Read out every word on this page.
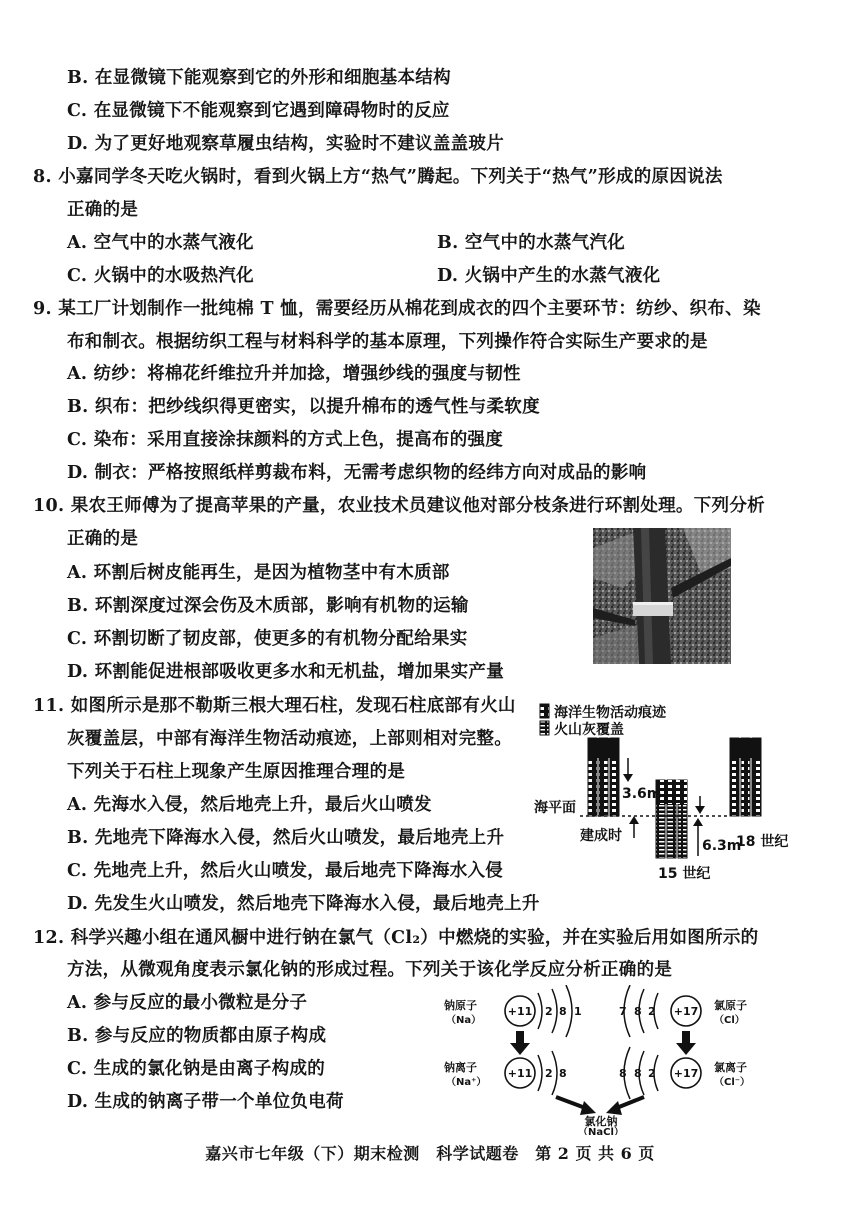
B. 在显微镜下能观察到它的外形和细胞基本结构
C. 在显微镜下不能观察到它遇到障碍物时的反应
D. 为了更好地观察草履虫结构，实验时不建议盖盖玻片
8. 小嘉同学冬天吃火锅时，看到火锅上方“热气”腾起。下列关于“热气”形成的原因说法
正确的是
A. 空气中的水蒸气液化	B. 空气中的水蒸气汽化
C. 火锅中的水吸热汽化	D. 火锅中产生的水蒸气液化
9. 某工厂计划制作一批纯棉 T 恤，需要经历从棉花到成衣的四个主要环节：纺纱、织布、染
布和制衣。根据纺织工程与材料科学的基本原理，下列操作符合实际生产要求的是
A. 纺纱：将棉花纤维拉升并加捻，增强纱线的强度与韧性
B. 织布：把纱线织得更密实，以提升棉布的透气性与柔软度
C. 染布：采用直接涂抹颜料的方式上色，提高布的强度
D. 制衣：严格按照纸样剪裁布料，无需考虑织物的经纬方向对成品的影响
10. 果农王师傅为了提高苹果的产量，农业技术员建议他对部分枝条进行环割处理。下列分析
正确的是
A. 环割后树皮能再生，是因为植物茎中有木质部
B. 环割深度过深会伤及木质部，影响有机物的运输
C. 环割切断了韧皮部，使更多的有机物分配给果实
D. 环割能促进根部吸收更多水和无机盐，增加果实产量
11. 如图所示是那不勒斯三根大理石柱，发现石柱底部有火山
灰覆盖层，中部有海洋生物活动痕迹，上部则相对完整。
下列关于石柱上现象产生原因推理合理的是
A. 先海水入侵，然后地壳上升，最后火山喷发
B. 先地壳下降海水入侵，然后火山喷发，最后地壳上升
C. 先地壳上升，然后火山喷发，最后地壳下降海水入侵
D. 先发生火山喷发，然后地壳下降海水入侵，最后地壳上升
海洋生物活动痕迹
火山灰覆盖
海平面
3.6m
建成时
6.3m
15 世纪
18 世纪
12. 科学兴趣小组在通风橱中进行钠在氯气（Cl₂）中燃烧的实验，并在实验后用如图所示的
方法，从微观角度表示氯化钠的形成过程。下列关于该化学反应分析正确的是
A. 参与反应的最小微粒是分子
B. 参与反应的物质都由原子构成
C. 生成的氯化钠是由离子构成的
D. 生成的钠离子带一个单位负电荷
钠原子
（Na）
+11 2 8 1	7 8 2 +17 氯原子
（Cl）
钠离子
（Na⁺）
+11 2 8	8 8 2 +17 氯离子
（Cl⁻）
氯化钠
（NaCl）
嘉兴市七年级（下）期末检测　科学试题卷　第 2 页 共 6 页
